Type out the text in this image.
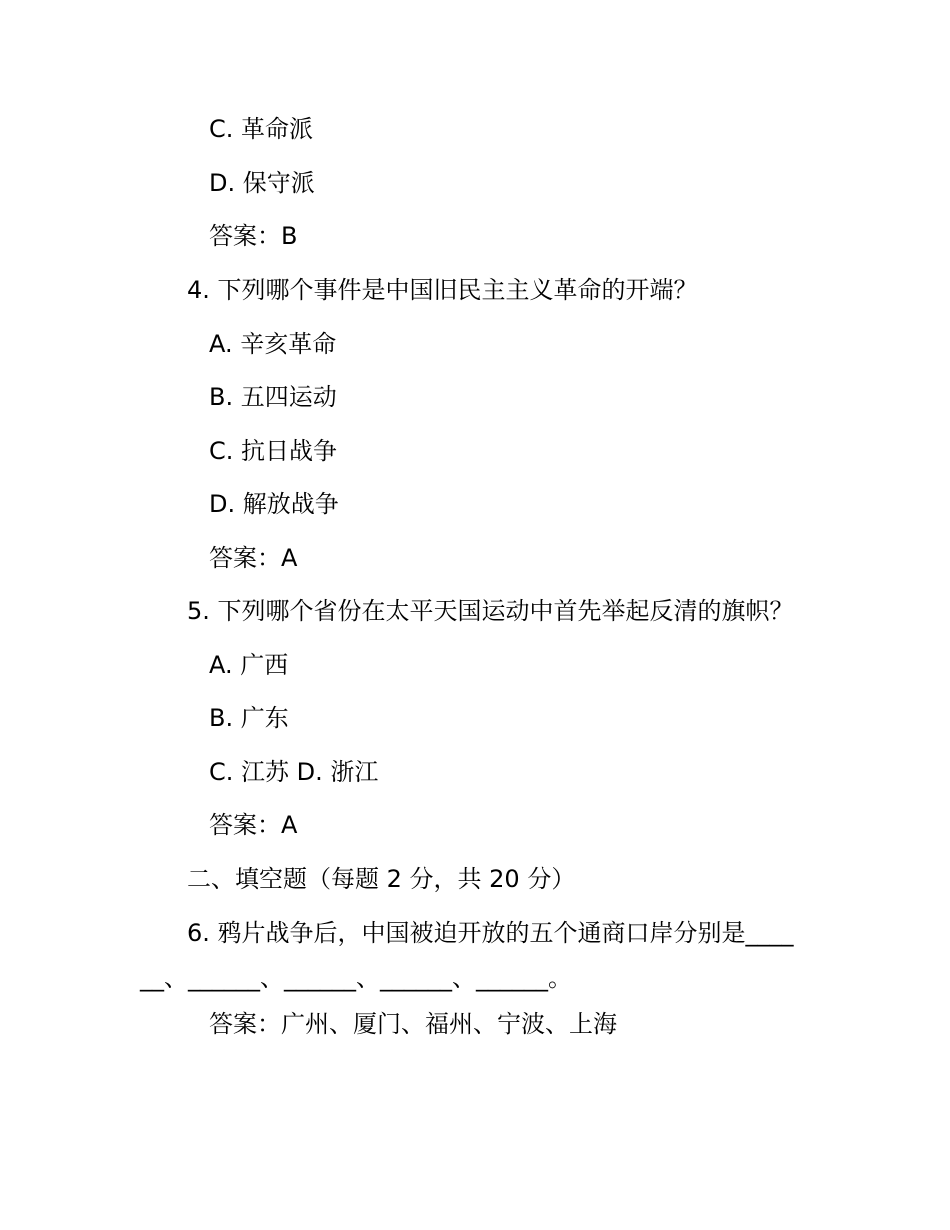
C. 革命派
D. 保守派
答案：B
4. 下列哪个事件是中国旧民主主义革命的开端？
A. 辛亥革命
B. 五四运动
C. 抗日战争
D. 解放战争
答案：A
5. 下列哪个省份在太平天国运动中首先举起反清的旗帜？
A. 广西
B. 广东
C. 江苏 D. 浙江
答案：A
二、填空题（每题 2 分，共 20 分）
6. 鸦片战争后，中国被迫开放的五个通商口岸分别是____
__、______、______、______、______。
答案：广州、厦门、福州、宁波、上海
